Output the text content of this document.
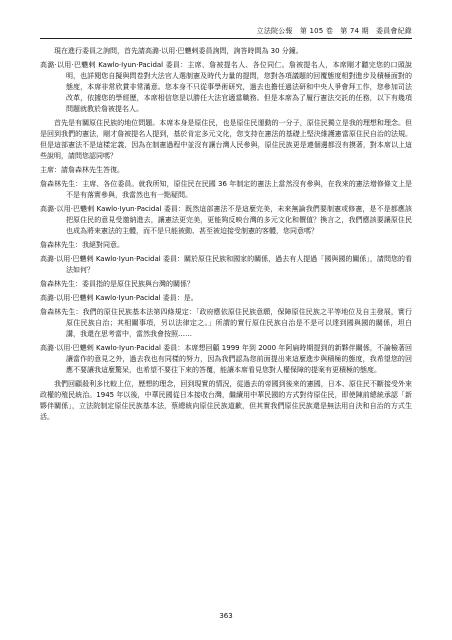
立法院公報　第 105 卷　第 74 期　委員會紀錄

現在進行委員之詢問，首先請高潞‧以用‧巴魕剌委員詢問，詢答時間為 30 分鐘。

高潞‧以用‧巴魕剌 Kawlo‧Iyun‧Pacidal 委員：主席、詹被提名人、各位同仁。詹被提名人，本席剛才聽完您的口頭說明，也詳閱您自擬與問卷對大法官人選制憲及時代力量的提問，您對各項議題的回覆態度相對進步及積極面對的態度，本席非常欣賞非常滿意。您本身不只從事學術研究，過去也擔任過法研和中央人爭會拜工作，您參加司法改革，依據您的學經歷，本席相信您是以勝任大法官適當職務。但是本席為了履行憲法交託的任務，以下有幾項問題就教於詹被提名人。

首先是有關原住民族的地位問題。本席本身是原住民，也是原住民運動的一分子，原住民獨立是我的理想和理念。但是回到我們的憲法，剛才詹被提名人提到，基於肯定多元文化，您支持在憲法的基礎上堅決維護憲當原住民自治的法規。但是這部憲法不是這樣定義，因為在制憲過程中並沒有讓台灣人民參與，原住民族更是連個邊都沒有摸著，對本席以上這些說明，請問您認同嗎？

主席：請詹森林先生答復。

詹森林先生：主席、各位委員。就我所知，原住民在民國 36 年制定的憲法上當然沒有參與，在我來的憲法增修條文上是不是有落實參與，我當然也有一點疑問。

高潞‧以用‧巴魕剌 Kawlo‧Iyun‧Pacidal 委員：既然這部憲法不是這麼完美，未來無論我們要制憲或修憲，是不是都應該把原住民的意見受邀納進去，讓憲法更完美，更能夠反映台灣的多元文化和價值？換言之，我們應該要讓原住民也成為將來憲法的主體，而不是只能被動、甚至被迫接受制憲的客體，您同意嗎？

詹森林先生：我絕對同意。

高潞‧以用‧巴魕剌 Kawlo‧Iyun‧Pacidal 委員：關於原住民族和國家的關係，過去有人提過「國與國的關係」，請問您的看法如何？

詹森林先生：委員指的是原住民族與台灣的關係？

高潞‧以用‧巴魕剌 Kawlo‧Iyun‧Pacidal 委員：是。

詹森林先生：我們的原住民族基本法第四條規定：「政府應依原住民族意願，保障原住民族之平等地位及自主發展，實行原住民族自治；其相關事項，另以法律定之。」所謂的實行原住民族自治是不是可以達到國與國的關係，坦白講，我還在思考當中，當然我會按照……

高潞‧以用‧巴魕剌 Kawlo‧Iyun‧Pacidal 委員：本席想回顧 1999 年到 2000 年阿扁時期提到的新夥伴關係，不論檢著回讓當作的意見之外，過去我也有同樣的努力，因為我們認為您前面提出來這麼進步與積極的態度，我希望您的回應不要讓我這麼驚呆，也希望不要往下來的答覆，能讓本席看見您對人權保障的提案有更積極的態度。

我們回顧殺利多比較上位，歷想的理念，回到現實的情況，從過去的帝國到後來的憲國，日本、原住民不斷接受外來政權的殖民統治。1945 年以後，中華民國從日本接收台灣，繼續用中華民國的方式對待原住民，即使陳前總統承認「新夥伴關係」，立法院制定原住民族基本法，蔡總統向原住民族道歉，但其實我們原住民族還是無法用自決和自治的方式生活。

363
